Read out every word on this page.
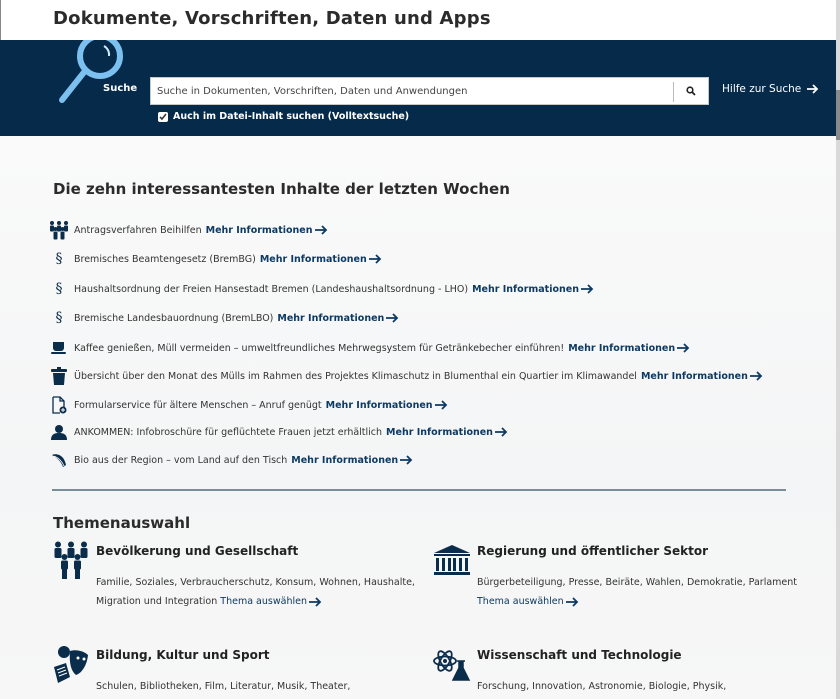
Dokumente, Vorschriften, Daten und Apps
Suche
Suche in Dokumenten, Vorschriften, Daten und Anwendungen	Hilfe zur Suche
Auch im Datei-Inhalt suchen (Volltextsuche)
Die zehn interessantesten Inhalte der letzten Wochen
Antragsverfahren Beihilfen Mehr Informationen
§	Bremisches Beamtengesetz (BremBG) Mehr Informationen
§	Haushaltsordnung der Freien Hansestadt Bremen (Landeshaushaltsordnung - LHO) Mehr Informationen
§	Bremische Landesbauordnung (BremLBO) Mehr Informationen
Kaffee genießen, Müll vermeiden – umweltfreundliches Mehrwegsystem für Getränkebecher einführen! Mehr Informationen
Übersicht über den Monat des Mülls im Rahmen des Projektes Klimaschutz in Blumenthal ein Quartier im Klimawandel Mehr Informationen
Formularservice für ältere Menschen – Anruf genügt Mehr Informationen
ANKOMMEN: Infobroschüre für geflüchtete Frauen jetzt erhältlich Mehr Informationen
Bio aus der Region – vom Land auf den Tisch Mehr Informationen
Themenauswahl
Bevölkerung und Gesellschaft
Familie, Soziales, Verbraucherschutz, Konsum, Wohnen, Haushalte, Migration und Integration Thema auswählen
Regierung und öffentlicher Sektor
Bürgerbeteiligung, Presse, Beiräte, Wahlen, Demokratie, Parlament
Thema auswählen
Bildung, Kultur und Sport
Schulen, Bibliotheken, Film, Literatur, Musik, Theater,
Wissenschaft und Technologie
Forschung, Innovation, Astronomie, Biologie, Physik,
